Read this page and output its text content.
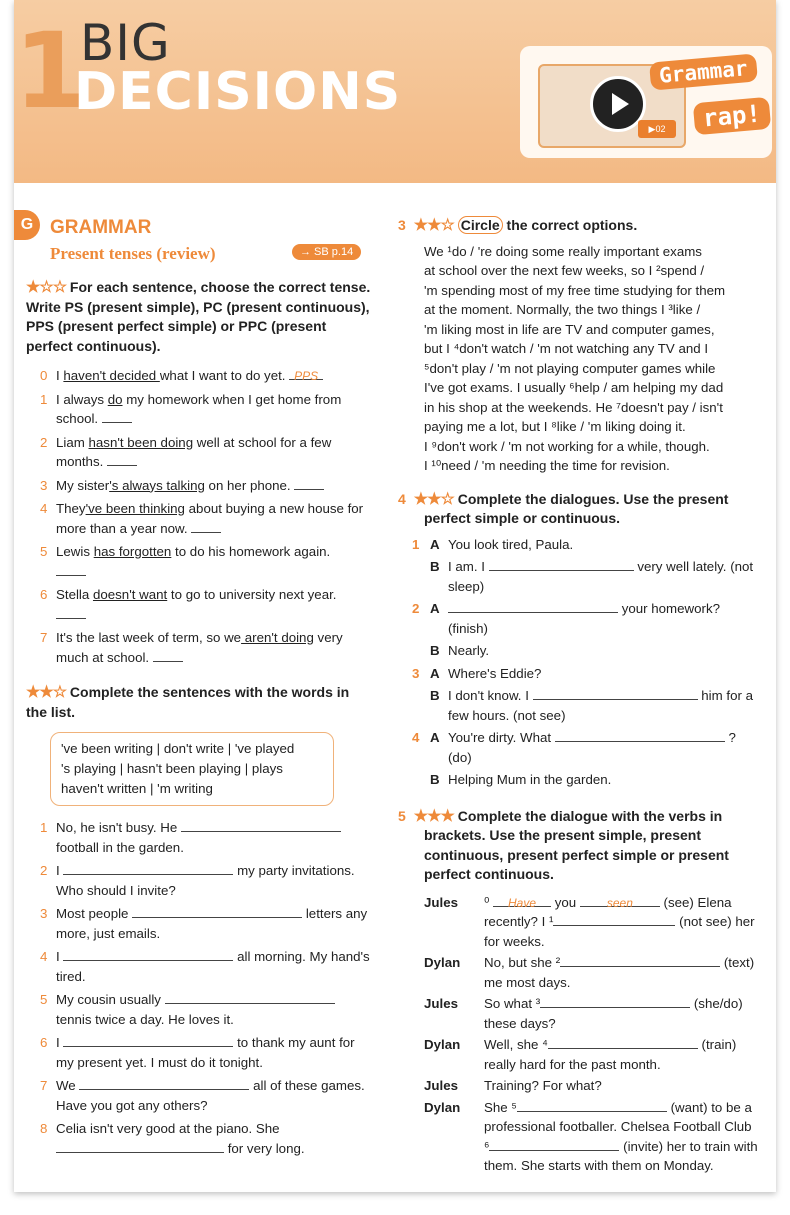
1
BIG
DECISIONS
▶02
Grammar
rap!
G GRAMMAR
Present tenses (review)	→ SB p.14
★☆☆ For each sentence, choose the correct tense. Write PS (present simple), PC (present continuous), PPS (present perfect simple) or PPC (present perfect continuous).
0 I haven't decided what I want to do yet. PPS
1 I always do my homework when I get home from school.
2 Liam hasn't been doing well at school for a few months.
3 My sister's always talking on her phone.
4 They've been thinking about buying a new house for more than a year now.
5 Lewis has forgotten to do his homework again.

6 Stella doesn't want to go to university next year.

7 It's the last week of term, so we aren't doing very much at school.
★★☆ Complete the sentences with the words in the list.
've been writing | don't write | 've played
's playing | hasn't been playing | plays
haven't written | 'm writing
1 No, he isn't busy. He  football in the garden.
2 I	my party invitations. Who should I invite?
3 Most people	letters any more, just emails.
4 I	all morning. My hand's tired.
5 My cousin usually  tennis twice a day. He loves it.
6 I	to thank my aunt for my present yet. I must do it tonight.
7 We	all of these games. Have you got any others?
8 Celia isn't very good at the piano. She
for very long.
3 ★★☆ Circle the correct options.
We ¹do / 're doing some really important exams
at school over the next few weeks, so I ²spend /
'm spending most of my free time studying for them
at the moment. Normally, the two things I ³like /
'm liking most in life are TV and computer games,
but I ⁴don't watch / 'm not watching any TV and I
⁵don't play / 'm not playing computer games while
I've got exams. I usually ⁶help / am helping my dad
in his shop at the weekends. He ⁷doesn't pay / isn't
paying me a lot, but I ⁸like / 'm liking doing it.
I ⁹don't work / 'm not working for a while, though.
I ¹⁰need / 'm needing the time for revision.
4 ★★☆ Complete the dialogues. Use the present perfect simple or continuous.
1 A You look tired, Paula.
B I am. I	very well lately. (not sleep)
2 A	your homework? (finish)
B Nearly.
3 A Where's Eddie?
B I don't know. I	him for a few hours. (not see)
4 A You're dirty. What	? (do)
B Helping Mum in the garden.
5 ★★★ Complete the dialogue with the verbs in brackets. Use the present simple, present continuous, present perfect simple or present perfect continuous.
Jules ⁰ Have you seen (see) Elena recently? I ¹	(not see) her for weeks.
Dylan No, but she ²	(text) me most days.
Jules So what ³	(she/do) these days?
Dylan Well, she ⁴	(train) really hard for the past month.
Jules Training? For what?
Dylan She ⁵	(want) to be a professional footballer. Chelsea Football Club ⁶	(invite) her to train with them. She starts with them on Monday.
